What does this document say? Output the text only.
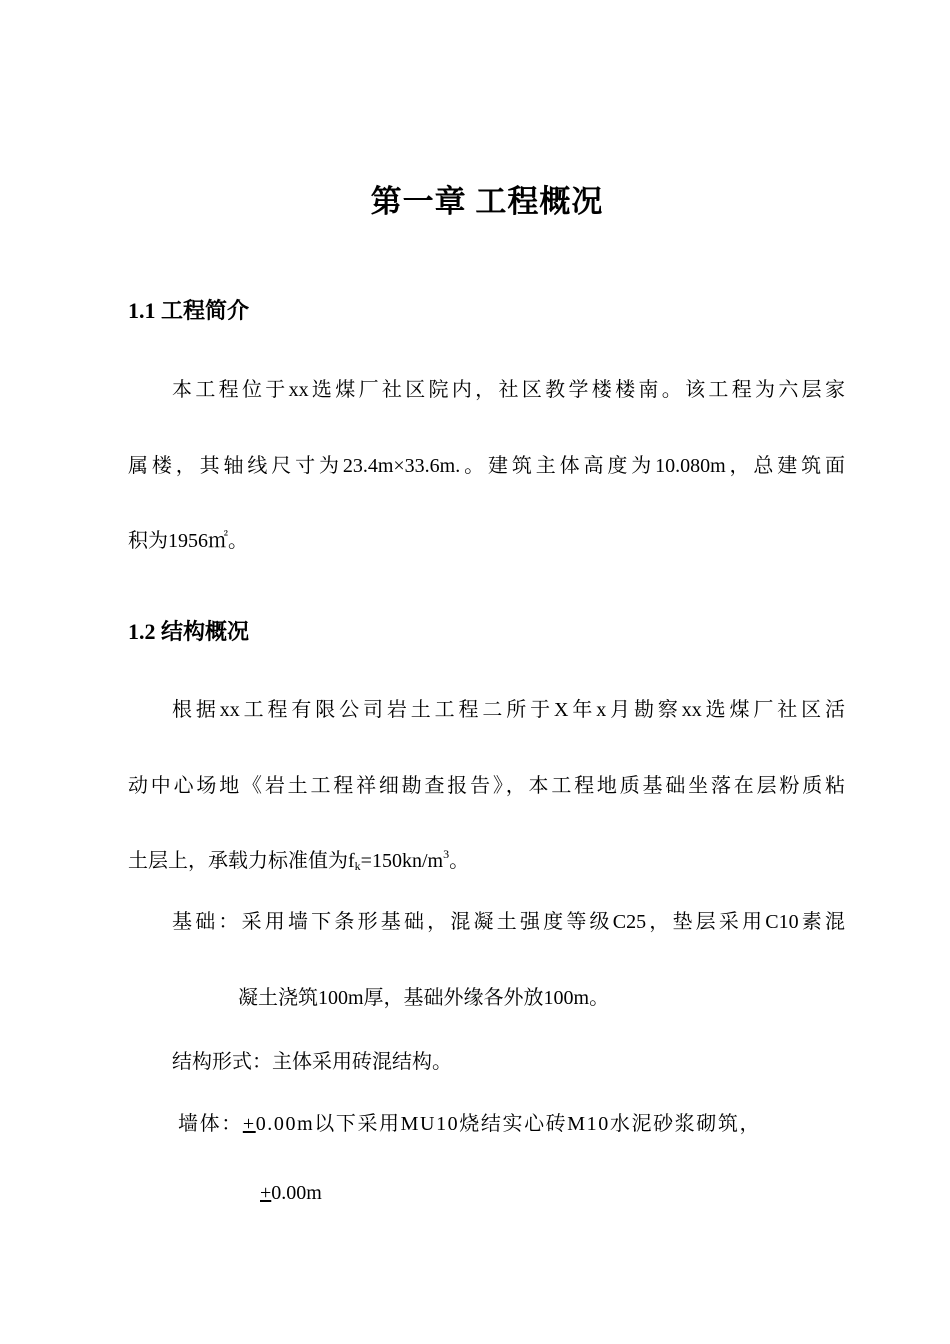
第一章 工程概况
1.1 工程简介
本工程位于xx选煤厂社区院内，社区教学楼楼南。该工程为六层家
属楼，其轴线尺寸为23.4m×33.6m.。建筑主体高度为10.080m，总建筑面
积为1956㎡。
1.2 结构概况
根据xx工程有限公司岩土工程二所于X年x月勘察xx选煤厂社区活
动中心场地《岩土工程祥细勘查报告》，本工程地质基础坐落在层粉质粘
土层上，承载力标准值为$f_k=150kn/m^3$。
基础：采用墙下条形基础，混凝土强度等级C25，垫层采用C10素混
凝土浇筑100m厚，基础外缘各外放100m。
结构形式：主体采用砖混结构。
墙体：+0.00m以下采用MU10烧结实心砖M10水泥砂浆砌筑，
+0.00m
